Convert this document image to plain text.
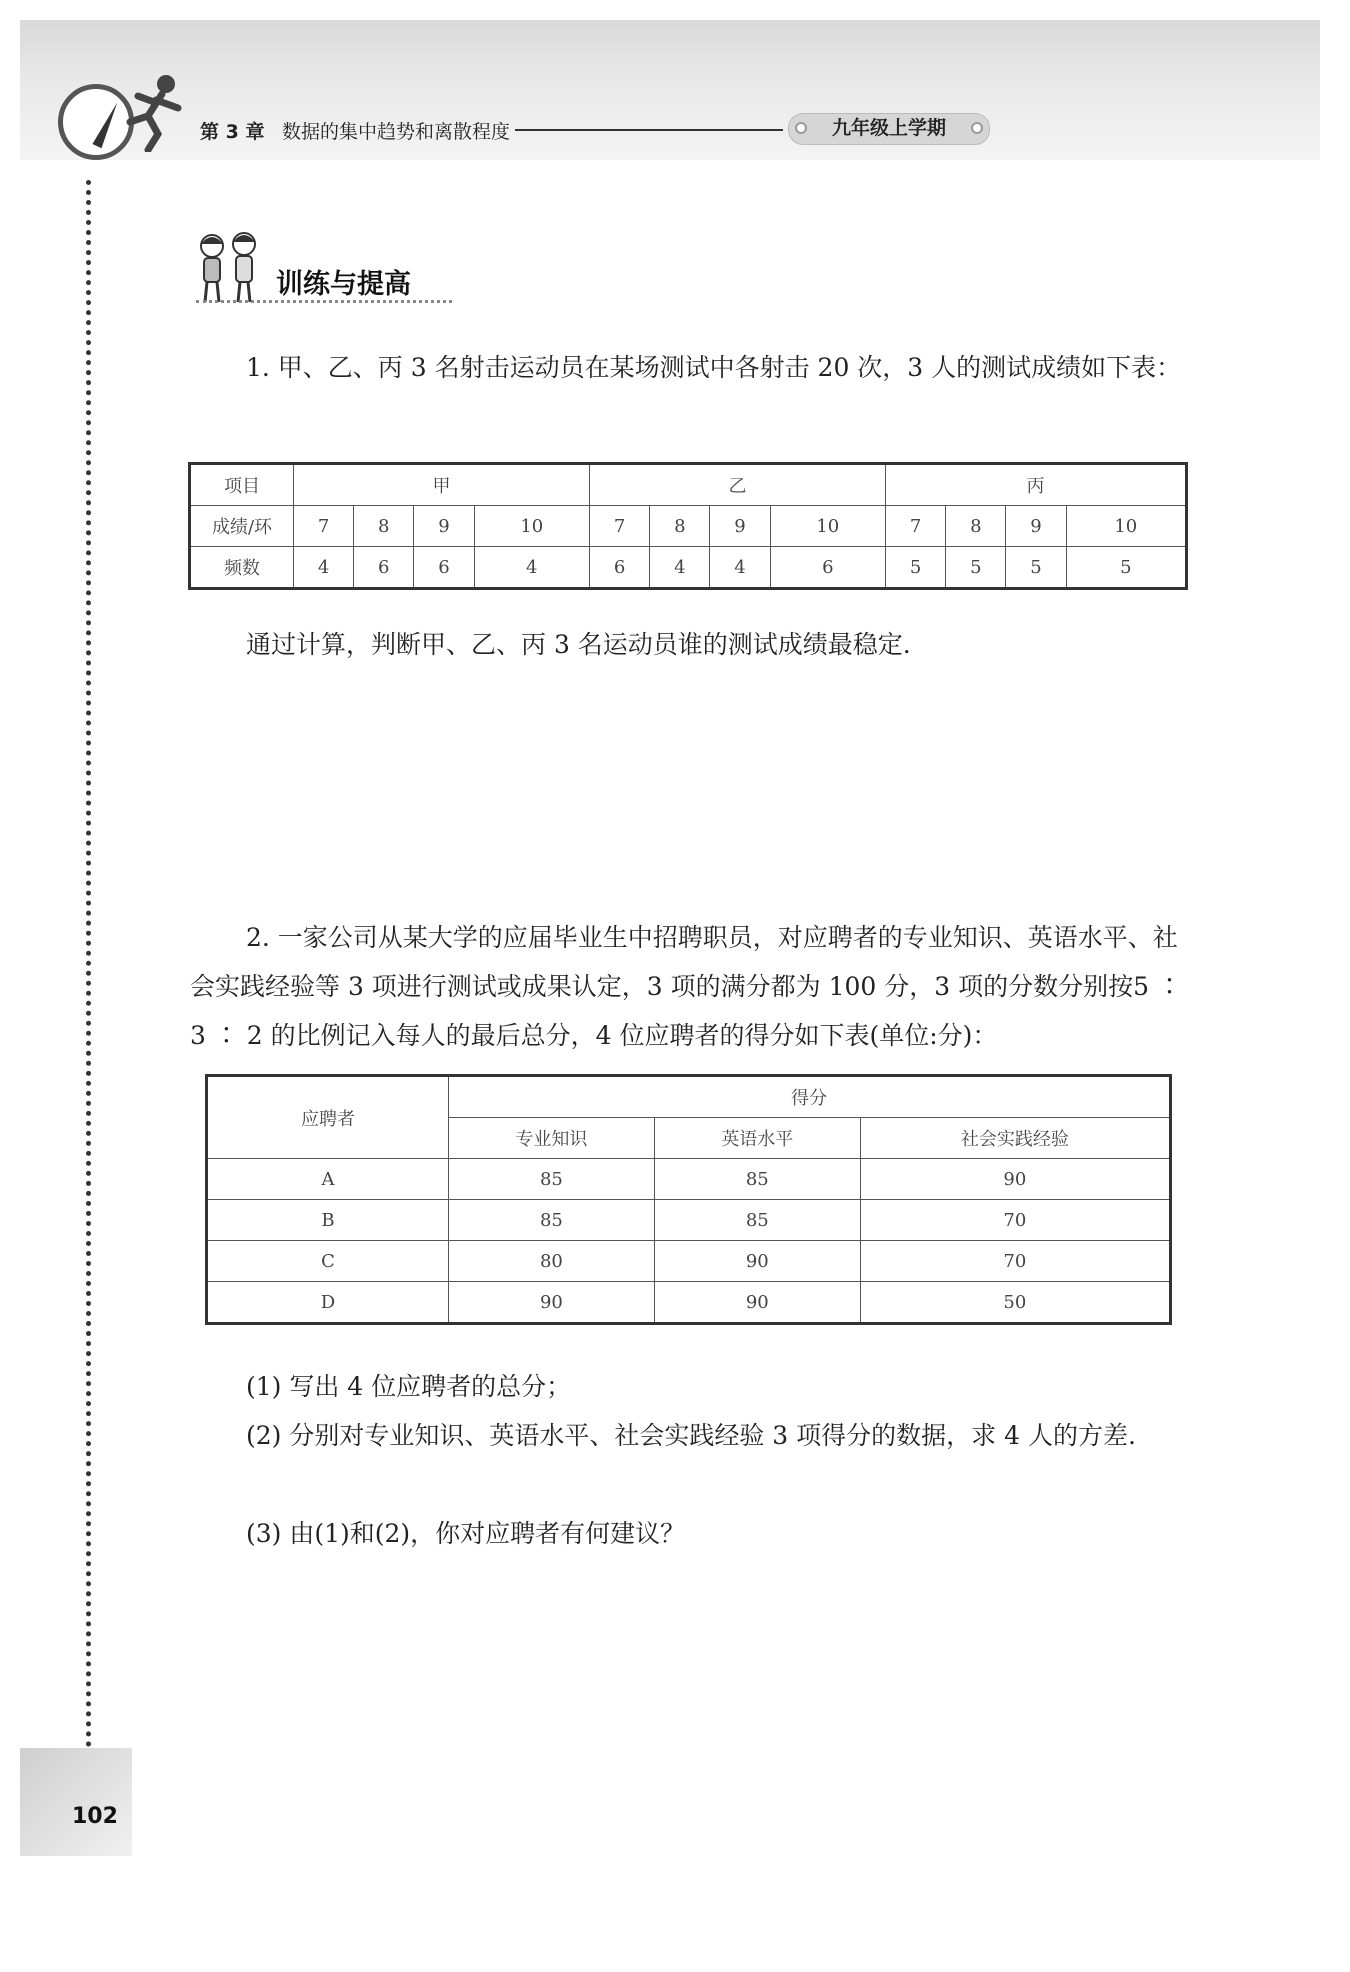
第 3 章 数据的集中趋势和离散程度	九年级上学期
训练与提高
1. 甲、乙、丙 3 名射击运动员在某场测试中各射击 20 次，3 人的测试成绩如下表：
项目	甲				乙				丙			
成绩/环	7	8	9	10	7	8	9	10	7	8	9	10
频数	4	6	6	4	6	4	4	6	5	5	5	5
通过计算，判断甲、乙、丙 3 名运动员谁的测试成绩最稳定.
2. 一家公司从某大学的应届毕业生中招聘职员，对应聘者的专业知识、英语水平、社会实践经验等 3 项进行测试或成果认定，3 项的满分都为 100 分，3 项的分数分别按5 ∶ 3 ∶ 2 的比例记入每人的最后总分，4 位应聘者的得分如下表(单位:分)：
应聘者	得分		
	专业知识	英语水平	社会实践经验
A	85	85	90
B	85	85	70
C	80	90	70
D	90	90	50
(1) 写出 4 位应聘者的总分；
(2) 分别对专业知识、英语水平、社会实践经验 3 项得分的数据，求 4 人的方差.
(3) 由(1)和(2)，你对应聘者有何建议？
102
